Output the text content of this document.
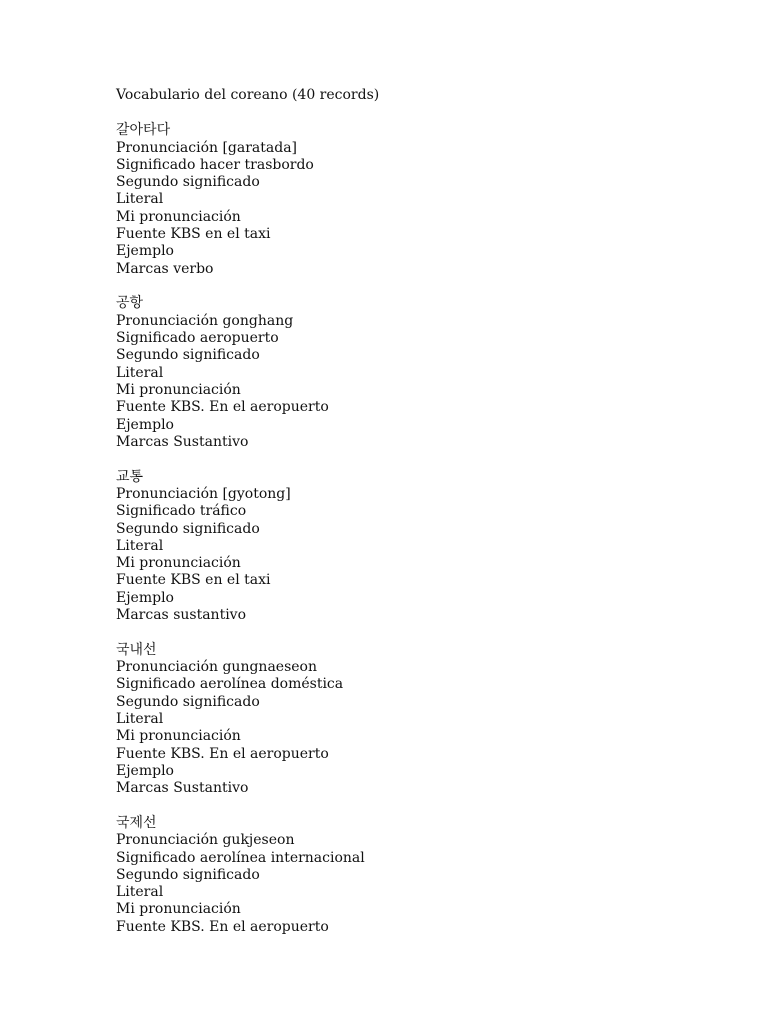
Vocabulario del coreano (40 records)
갈아타다
Pronunciación [garatada]
Significado hacer trasbordo
Segundo significado
Literal
Mi pronunciación
Fuente KBS en el taxi
Ejemplo
Marcas verbo
공항
Pronunciación gonghang
Significado aeropuerto
Segundo significado
Literal
Mi pronunciación
Fuente KBS. En el aeropuerto
Ejemplo
Marcas Sustantivo
교통
Pronunciación [gyotong]
Significado tráfico
Segundo significado
Literal
Mi pronunciación
Fuente KBS en el taxi
Ejemplo
Marcas sustantivo
국내선
Pronunciación gungnaeseon
Significado aerolínea doméstica
Segundo significado
Literal
Mi pronunciación
Fuente KBS. En el aeropuerto
Ejemplo
Marcas Sustantivo
국제선
Pronunciación gukjeseon
Significado aerolínea internacional
Segundo significado
Literal
Mi pronunciación
Fuente KBS. En el aeropuerto
